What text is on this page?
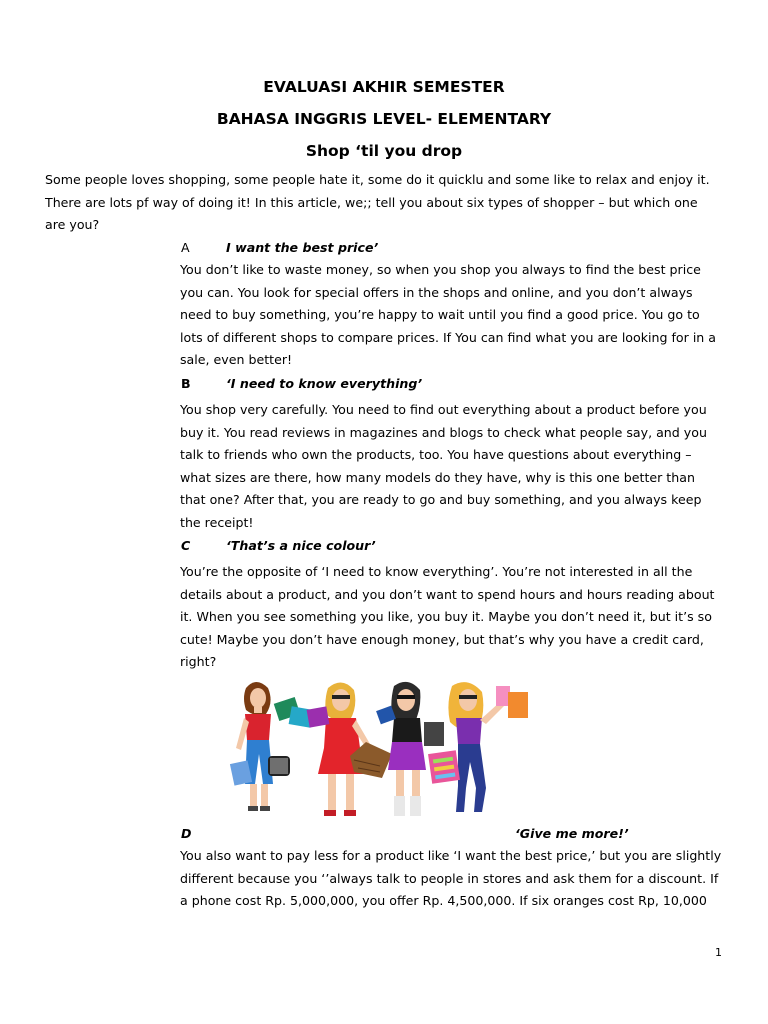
EVALUASI AKHIR SEMESTER
BAHASA INGGRIS LEVEL- ELEMENTARY
Shop ‘til you drop
Some people loves shopping, some people hate it, some do it quicklu and some like to relax and enjoy it.
There are lots pf way of doing it! In this article, we;; tell you about six types of shopper – but which one
are you?
A	I want the best price’
You don’t like to waste money, so when you shop you always to find the best price
you can. You look for special offers in the shops and online, and you don’t always
need to buy something, you’re happy to wait until you find a good price. You go to
lots of different shops to compare prices. If You can find what you are looking for in a
sale, even better!
B	‘I need to know everything’
You shop very carefully. You need to find out everything about a product before you
buy it. You read reviews in magazines and blogs to check what people say, and you
talk to friends who own the products, too. You have questions about everything –
what sizes are there, how many models do they have, why is this one better than
that one? After that, you are ready to go and buy something, and you always keep
the receipt!
C	‘That’s a nice colour’
You’re the opposite of ‘I need to know everything’. You’re not interested in all the
details about a product, and you don’t want to spend hours and hours reading about
it. When you see something you like, you buy it. Maybe you don’t need it, but it’s so
cute! Maybe you don’t have enough money, but that’s why you have a credit card,
right?
D	‘Give me more!’
You also want to pay less for a product like ‘I want the best price,’ but you are slightly
different because you ‘’always talk to people in stores and ask them for a discount. If
a phone cost Rp. 5,000,000, you offer Rp. 4,500,000. If six oranges cost Rp, 10,000
1
